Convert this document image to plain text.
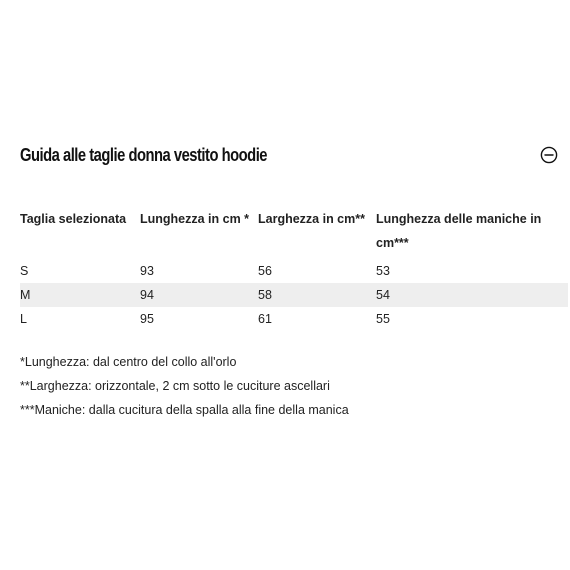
Guida alle taglie donna vestito hoodie
Taglia selezionata	Lunghezza in cm *	Larghezza in cm**	Lunghezza delle maniche in cm***
S	93	56	53
M	94	58	54
L	95	61	55
*Lunghezza: dal centro del collo all'orlo
**Larghezza: orizzontale, 2 cm sotto le cuciture ascellari
***Maniche: dalla cucitura della spalla alla fine della manica
